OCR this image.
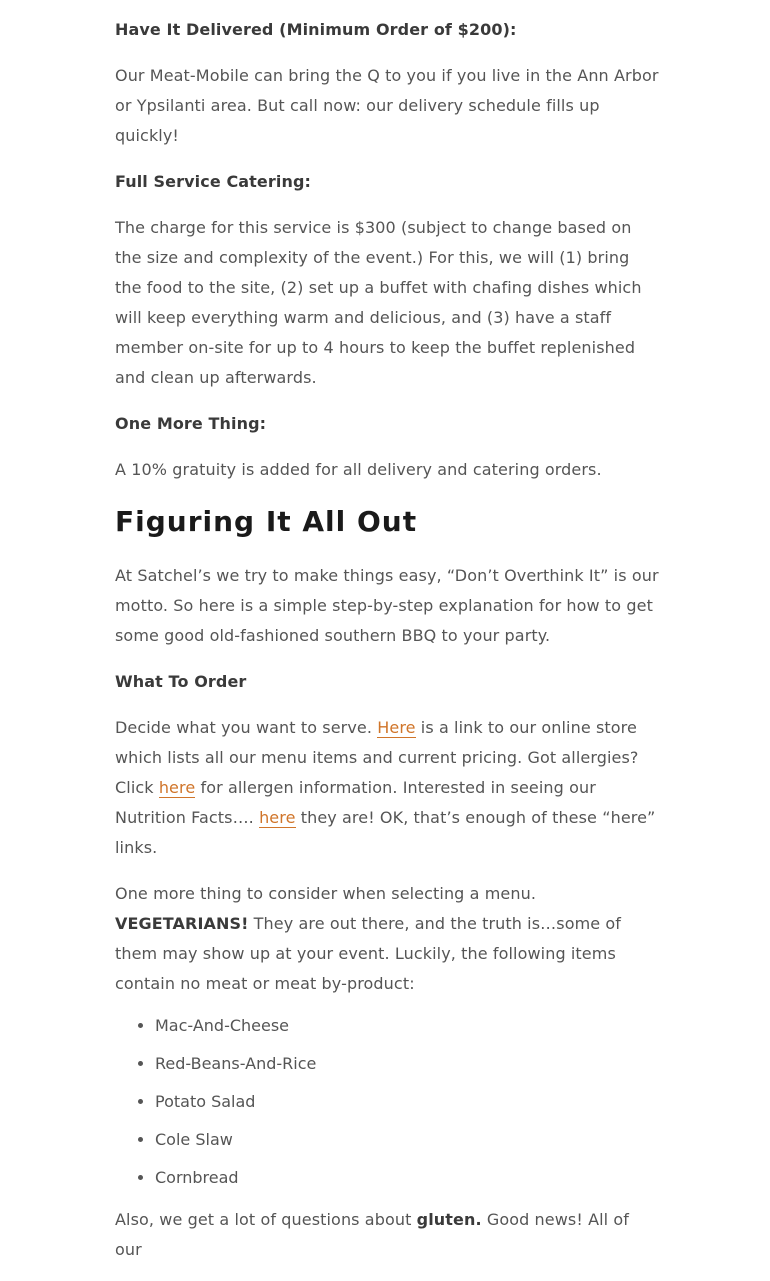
Have It Delivered (Minimum Order of $200):

Our Meat-Mobile can bring the Q to you if you live in the Ann Arbor or Ypsilanti area. But call now: our delivery schedule fills up quickly!

Full Service Catering:

The charge for this service is $300 (subject to change based on the size and complexity of the event.) For this, we will (1) bring the food to the site, (2) set up a buffet with chafing dishes which will keep everything warm and delicious, and (3) have a staff member on-site for up to 4 hours to keep the buffet replenished and clean up afterwards.

One More Thing:

A 10% gratuity is added for all delivery and catering orders.

Figuring It All Out

At Satchel’s we try to make things easy, “Don’t Overthink It” is our motto. So here is a simple step-by-step explanation for how to get some good old-fashioned southern BBQ to your party.

What To Order

Decide what you want to serve. Here is a link to our online store which lists all our menu items and current pricing. Got allergies? Click here for allergen information. Interested in seeing our Nutrition Facts…. here they are! OK, that’s enough of these “here” links.

One more thing to consider when selecting a menu. VEGETARIANS! They are out there, and the truth is…some of them may show up at your event. Luckily, the following items contain no meat or meat by-product:

• Mac-And-Cheese
• Red-Beans-And-Rice
• Potato Salad
• Cole Slaw
• Cornbread

Also, we get a lot of questions about gluten. Good news! All of our
